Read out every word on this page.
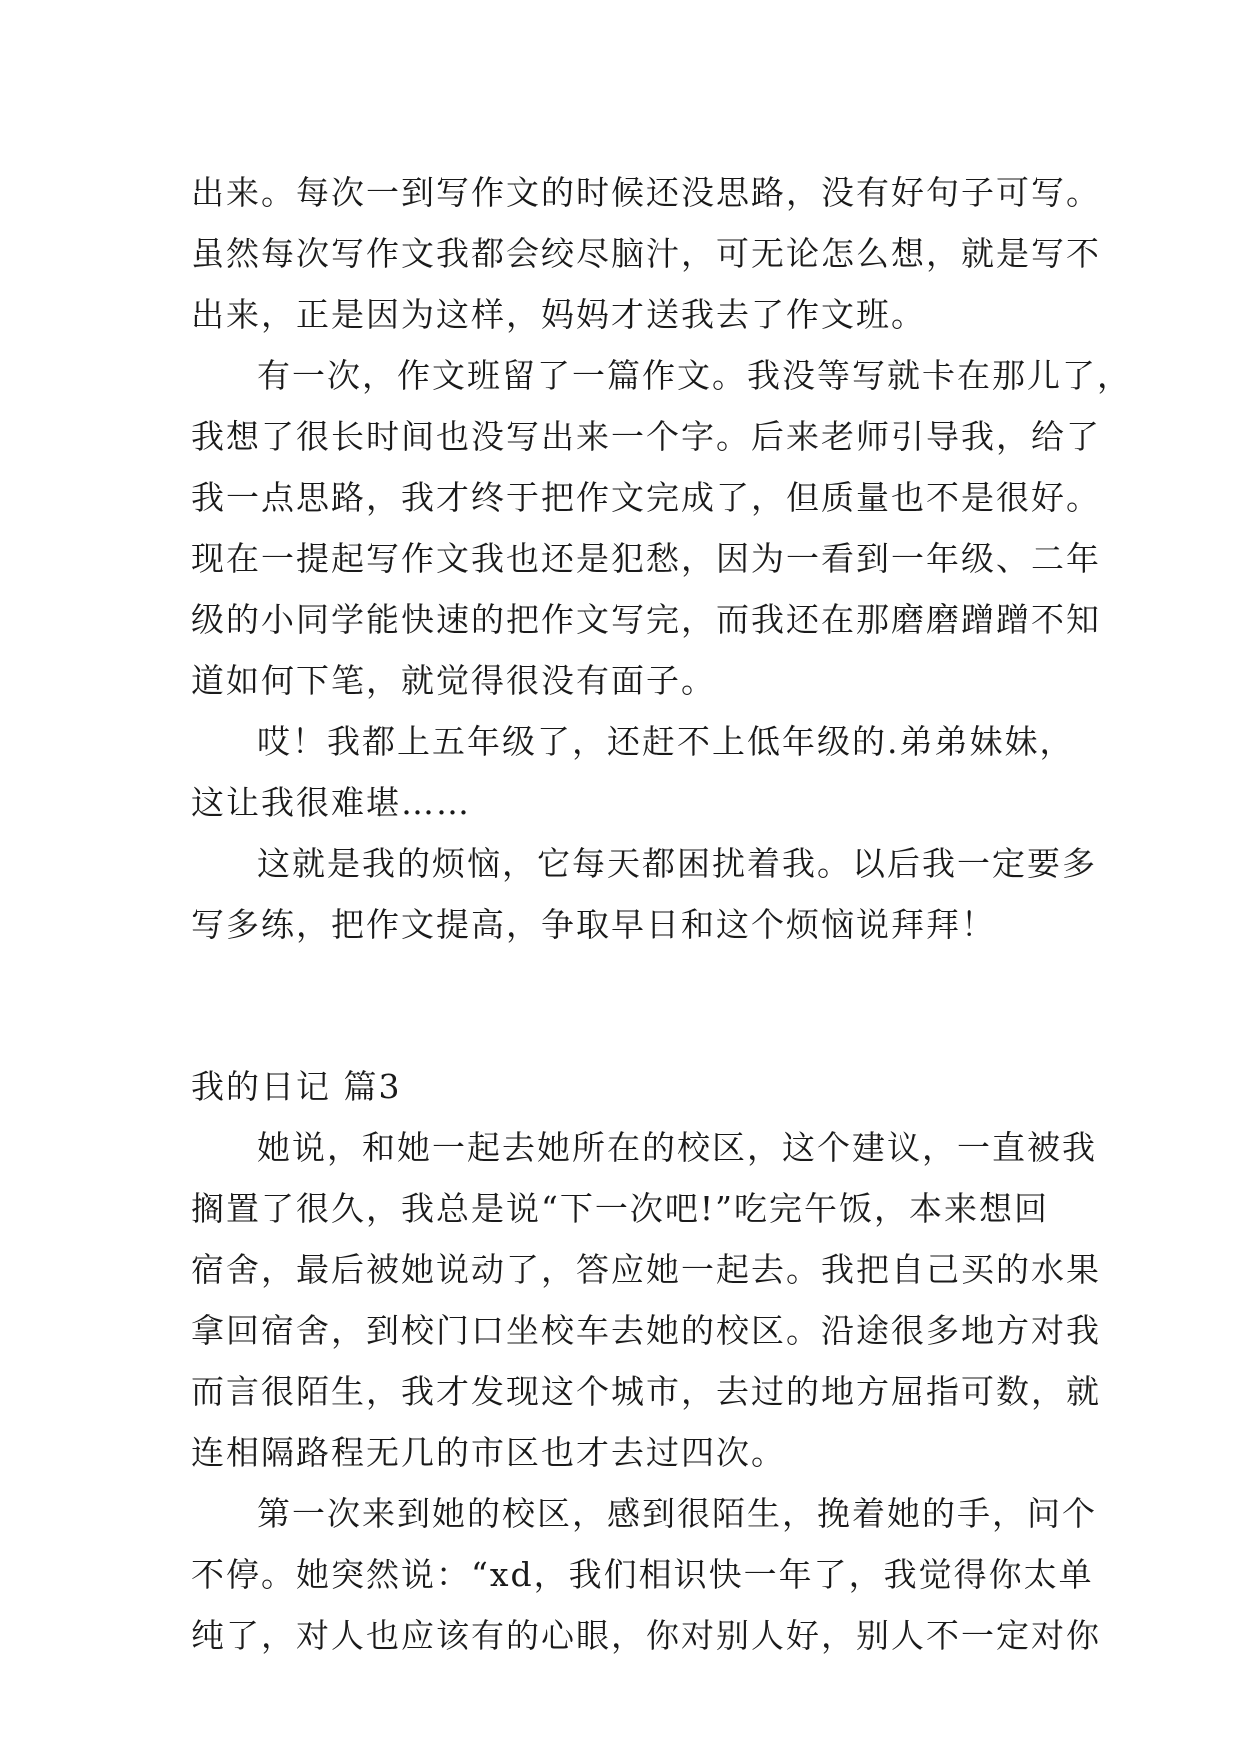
出来。每次一到写作文的时候还没思路，没有好句子可写。
虽然每次写作文我都会绞尽脑汁，可无论怎么想，就是写不
出来，正是因为这样，妈妈才送我去了作文班。
有一次，作文班留了一篇作文。我没等写就卡在那儿了，
我想了很长时间也没写出来一个字。后来老师引导我，给了
我一点思路，我才终于把作文完成了，但质量也不是很好。
现在一提起写作文我也还是犯愁，因为一看到一年级、二年
级的小同学能快速的把作文写完，而我还在那磨磨蹭蹭不知
道如何下笔，就觉得很没有面子。
哎！我都上五年级了，还赶不上低年级的.弟弟妹妹，
这让我很难堪……
这就是我的烦恼，它每天都困扰着我。以后我一定要多
写多练，把作文提高，争取早日和这个烦恼说拜拜！
我的日记 篇3
她说，和她一起去她所在的校区，这个建议，一直被我
搁置了很久，我总是说“下一次吧!”吃完午饭，本来想回
宿舍，最后被她说动了，答应她一起去。我把自己买的水果
拿回宿舍，到校门口坐校车去她的校区。沿途很多地方对我
而言很陌生，我才发现这个城市，去过的地方屈指可数，就
连相隔路程无几的市区也才去过四次。
第一次来到她的校区，感到很陌生，挽着她的手，问个
不停。她突然说：“xd，我们相识快一年了，我觉得你太单
纯了，对人也应该有的心眼，你对别人好，别人不一定对你
